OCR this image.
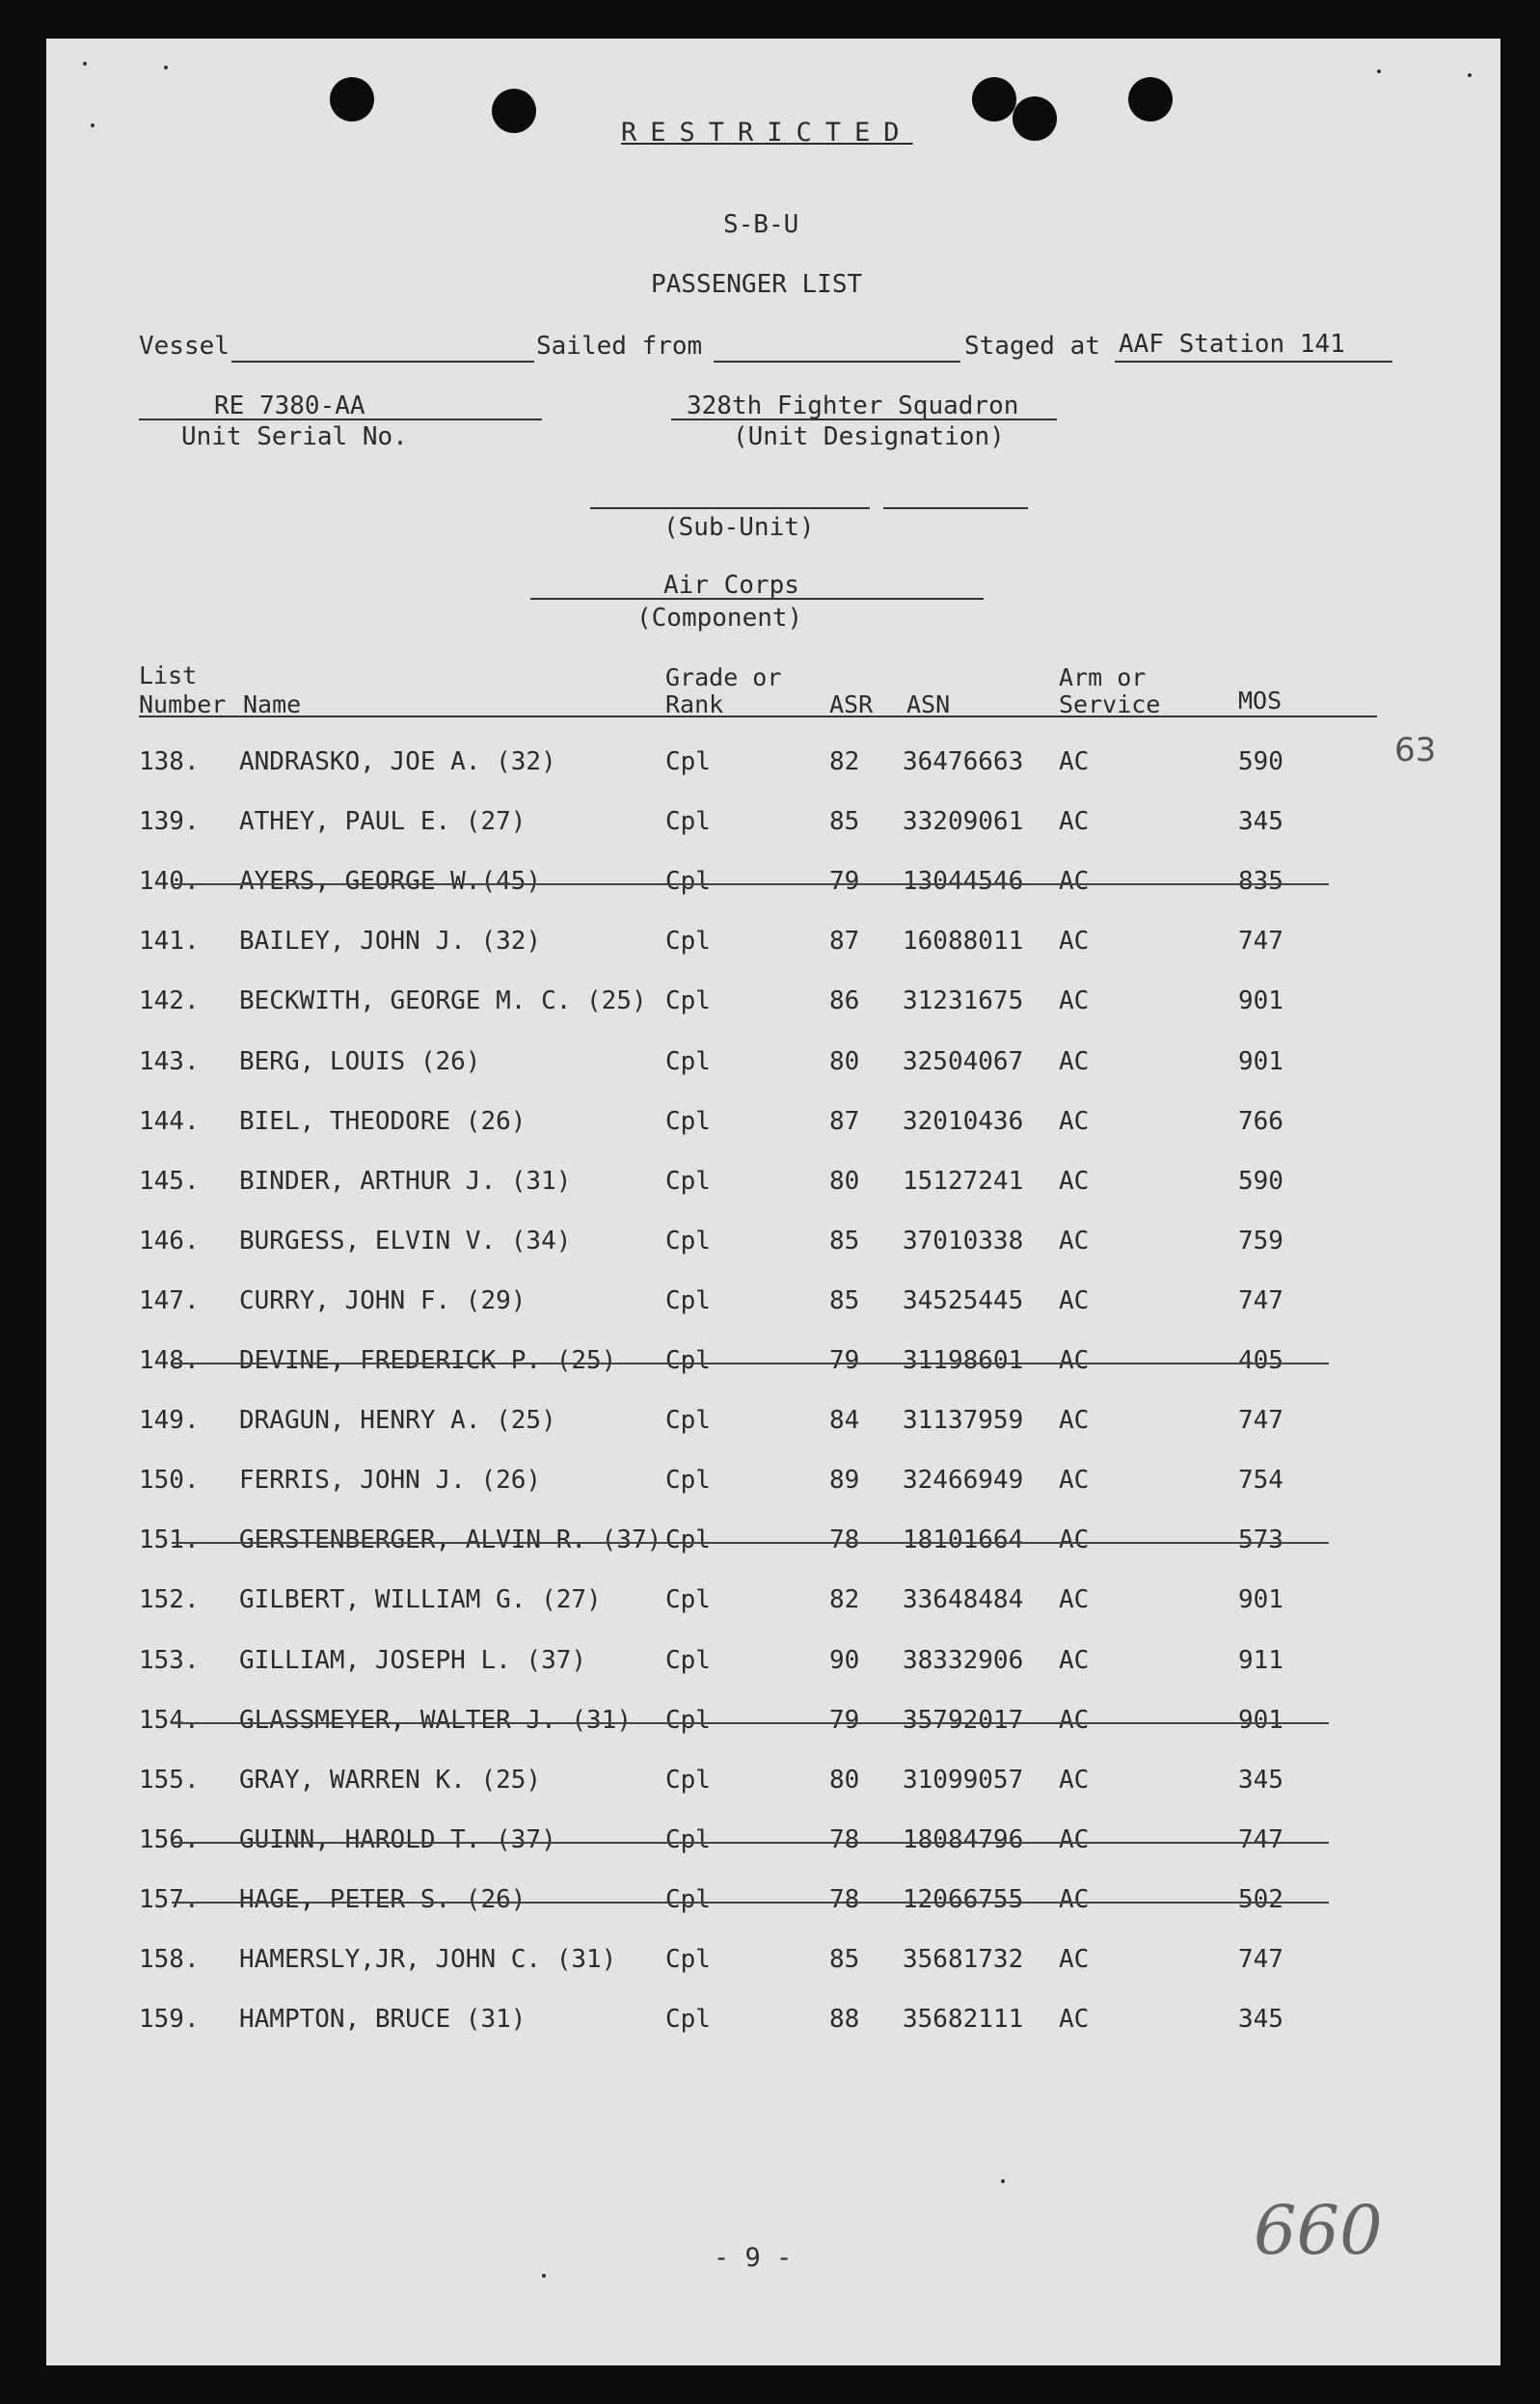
RESTRICTED
S-B-U
PASSENGER LIST
Vessel	Sailed from	Staged at AAF Station 141
RE 7380-AA
Unit Serial No.
328th Fighter Squadron
(Unit Designation)
(Sub-Unit)
Air Corps
(Component)
List
Number Name
Grade or
Rank	ASR ASN
Arm or
Service	MOS
63
138. ANDRASKO, JOE A. (32)	Cpl	82 36476663 AC	590
139. ATHEY, PAUL E. (27)	Cpl	85 33209061 AC	345
140. AYERS, GEORGE W.(45)	Cpl	79 13044546 AC	835
141. BAILEY, JOHN J. (32)	Cpl	87 16088011 AC	747
142. BECKWITH, GEORGE M. C. (25) Cpl	86 31231675 AC	901
143. BERG, LOUIS (26)	Cpl	80 32504067 AC	901
144. BIEL, THEODORE (26)	Cpl	87 32010436 AC	766
145. BINDER, ARTHUR J. (31)	Cpl	80 15127241 AC	590
146. BURGESS, ELVIN V. (34)	Cpl	85 37010338 AC	759
147. CURRY, JOHN F. (29)	Cpl	85 34525445 AC	747
148. DEVINE, FREDERICK P. (25) Cpl	79 31198601 AC	405
149. DRAGUN, HENRY A. (25)	Cpl	84 31137959 AC	747
150. FERRIS, JOHN J. (26)	Cpl	89 32466949 AC	754
151. GERSTENBERGER, ALVIN R. (37) Cpl	78 18101664 AC	573
152. GILBERT, WILLIAM G. (27)	Cpl	82 33648484 AC	901
153. GILLIAM, JOSEPH L. (37)	Cpl	90 38332906 AC	911
154. GLASSMEYER, WALTER J. (31) Cpl	79 35792017 AC	901
155. GRAY, WARREN K. (25)	Cpl	80 31099057 AC	345
156. GUINN, HAROLD T. (37)	Cpl	78 18084796 AC	747
157. HAGE, PETER S. (26)	Cpl	78 12066755 AC	502
158. HAMERSLY,JR, JOHN C. (31) Cpl	85 35681732 AC	747
159. HAMPTON, BRUCE (31)	Cpl	88 35682111 AC	345
- 9 -	660
